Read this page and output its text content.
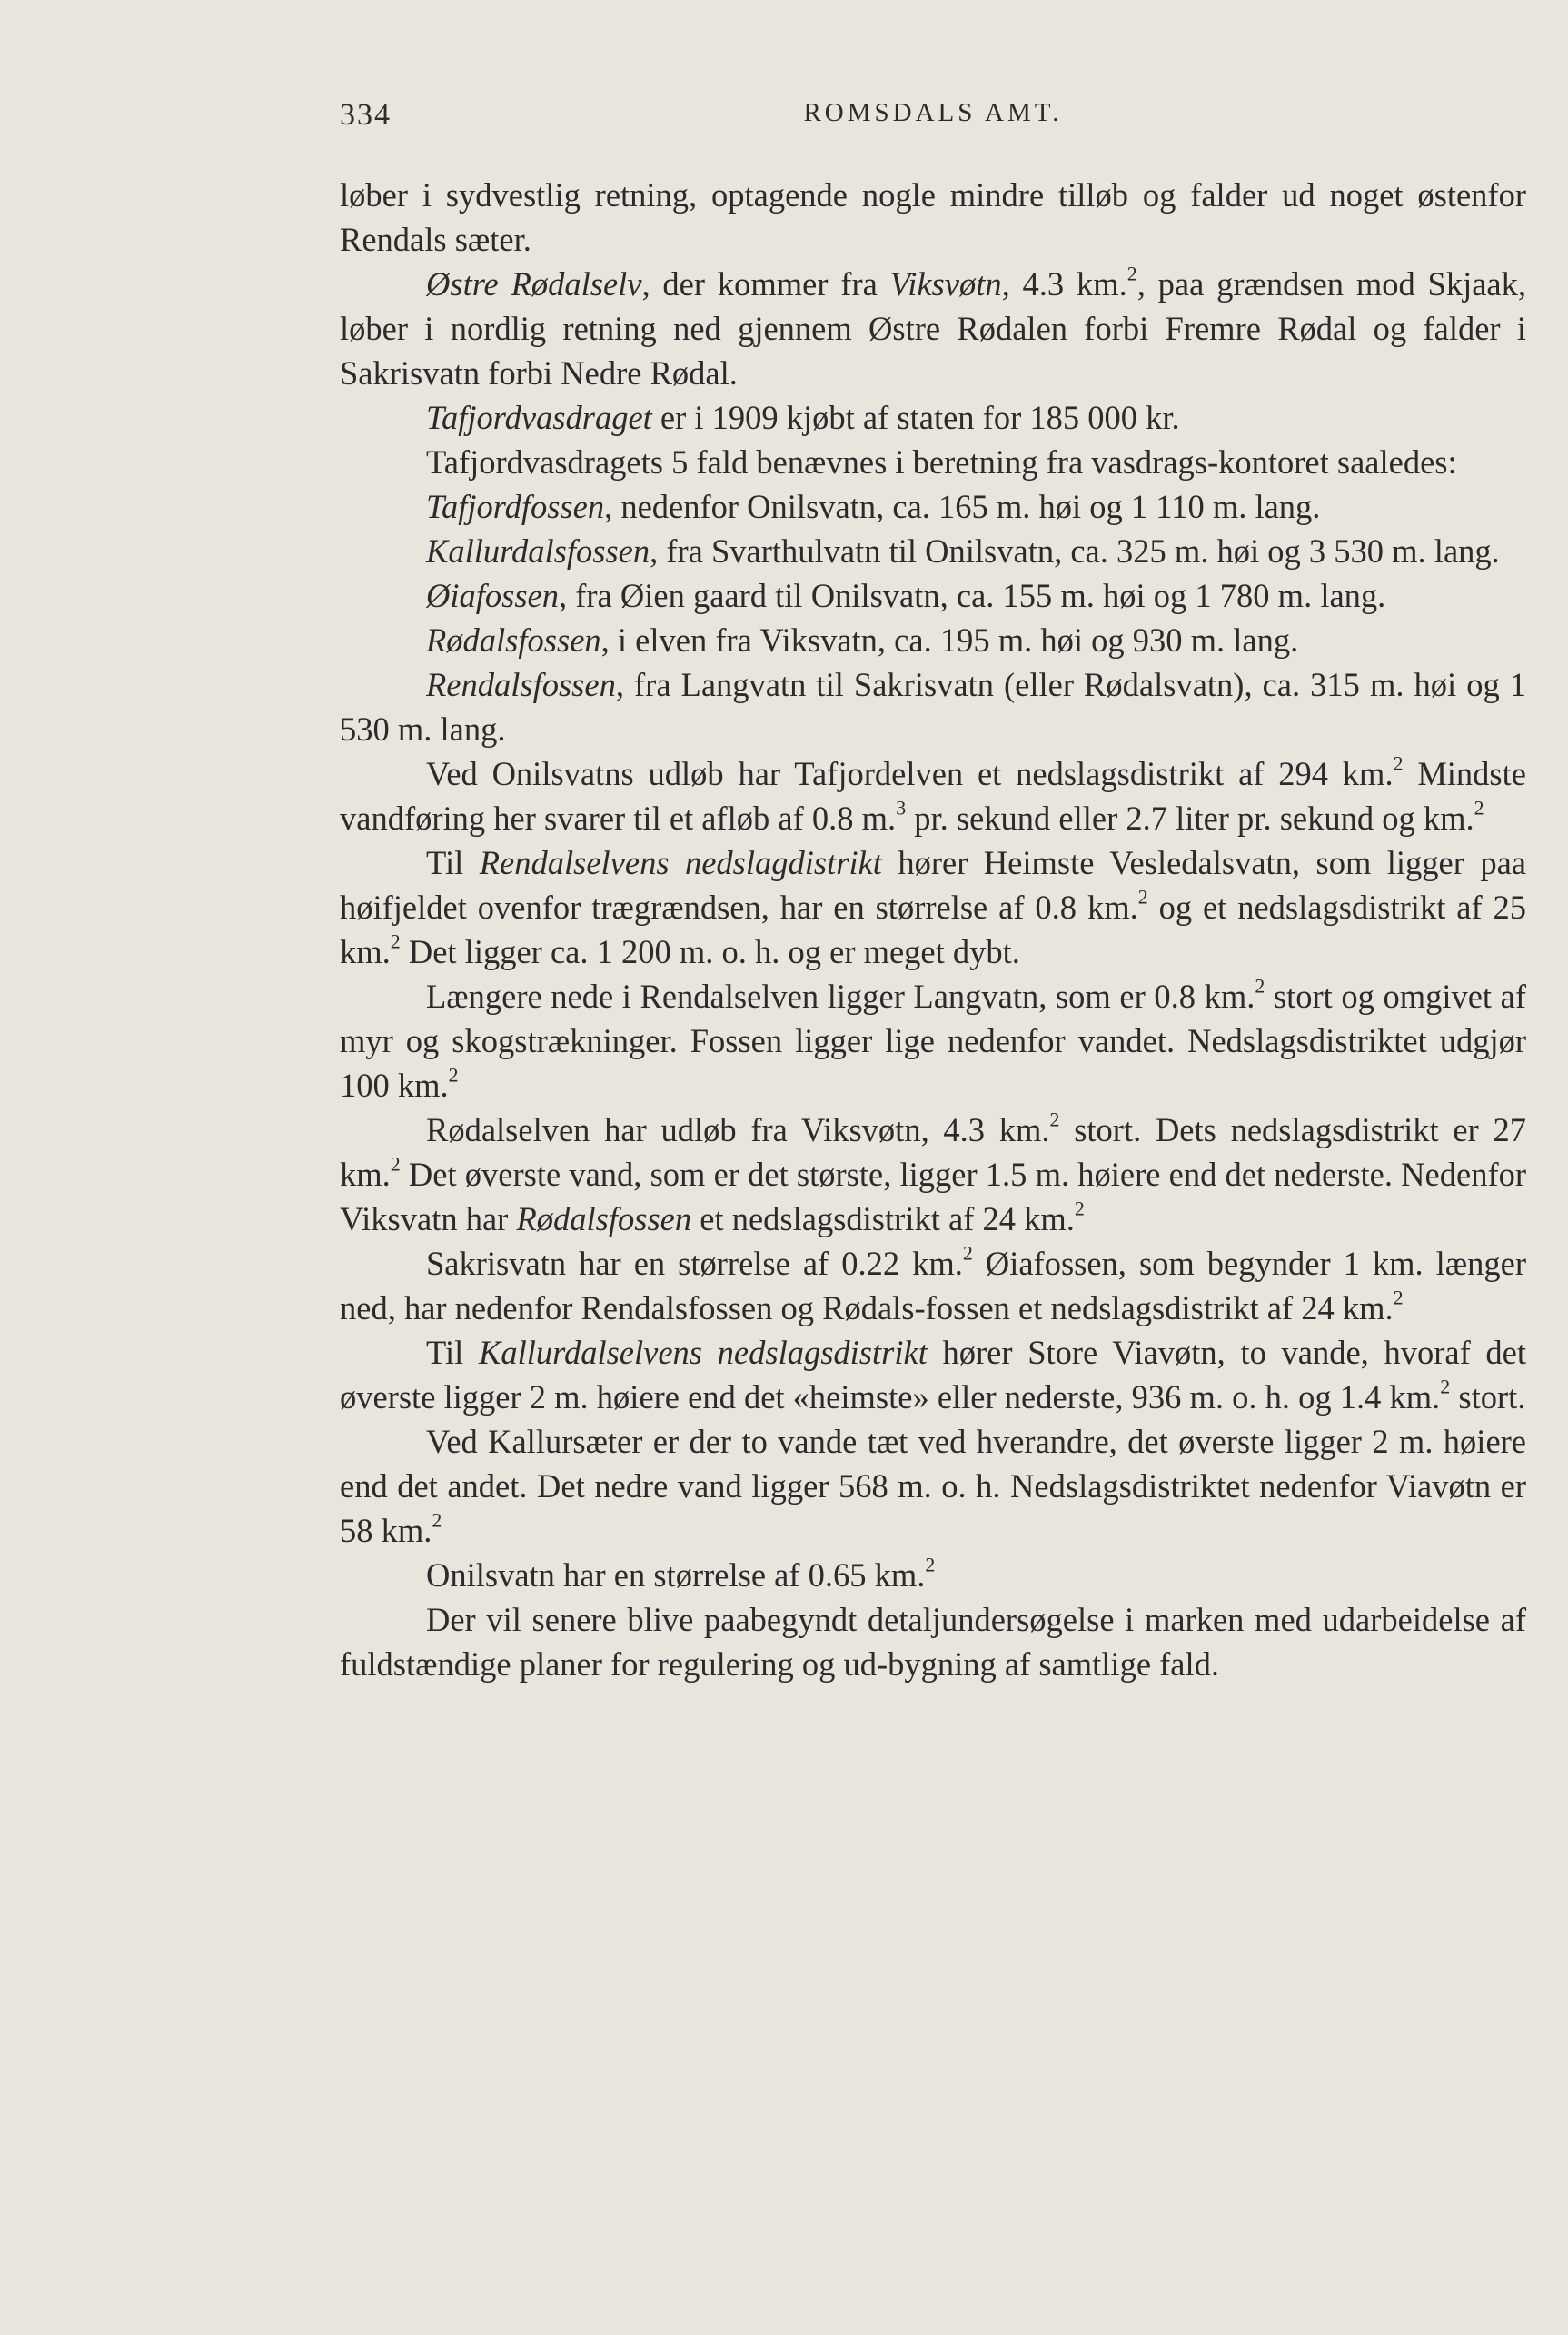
334	ROMSDALS AMT.

løber i sydvestlig retning, optagende nogle mindre tilløb og falder ud noget østenfor Rendals sæter.

Østre Rødalselv, der kommer fra Viksvøtn, 4.3 km.$^2$, paa grændsen mod Skjaak, løber i nordlig retning ned gjennem Østre Rødalen forbi Fremre Rødal og falder i Sakrisvatn forbi Nedre Rødal.

Tafjordvasdraget er i 1909 kjøbt af staten for 185 000 kr.

Tafjordvasdragets 5 fald benævnes i beretning fra vasdrags-kontoret saaledes:

Tafjordfossen, nedenfor Onilsvatn, ca. 165 m. høi og 1 110 m. lang.

Kallurdalsfossen, fra Svarthulvatn til Onilsvatn, ca. 325 m. høi og 3 530 m. lang.

Øiafossen, fra Øien gaard til Onilsvatn, ca. 155 m. høi og 1 780 m. lang.

Rødalsfossen, i elven fra Viksvatn, ca. 195 m. høi og 930 m. lang.

Rendalsfossen, fra Langvatn til Sakrisvatn (eller Rødalsvatn), ca. 315 m. høi og 1 530 m. lang.

Ved Onilsvatns udløb har Tafjordelven et nedslagsdistrikt af 294 km.$^2$ Mindste vandføring her svarer til et afløb af 0.8 m.$^3$ pr. sekund eller 2.7 liter pr. sekund og km.$^2$

Til Rendalselvens nedslagdistrikt hører Heimste Vesledalsvatn, som ligger paa høifjeldet ovenfor trægrændsen, har en størrelse af 0.8 km.$^2$ og et nedslagsdistrikt af 25 km.$^2$ Det ligger ca. 1 200 m. o. h. og er meget dybt.

Længere nede i Rendalselven ligger Langvatn, som er 0.8 km.$^2$ stort og omgivet af myr og skogstrækninger. Fossen ligger lige nedenfor vandet. Nedslagsdistriktet udgjør 100 km.$^2$

Rødalselven har udløb fra Viksvøtn, 4.3 km.$^2$ stort. Dets nedslagsdistrikt er 27 km.$^2$ Det øverste vand, som er det største, ligger 1.5 m. høiere end det nederste. Nedenfor Viksvatn har Rødalsfossen et nedslagsdistrikt af 24 km.$^2$

Sakrisvatn har en størrelse af 0.22 km.$^2$ Øiafossen, som begynder 1 km. længer ned, har nedenfor Rendalsfossen og Rødals-fossen et nedslagsdistrikt af 24 km.$^2$

Til Kallurdalselvens nedslagsdistrikt hører Store Viavøtn, to vande, hvoraf det øverste ligger 2 m. høiere end det «heimste» eller nederste, 936 m. o. h. og 1.4 km.$^2$ stort.

Ved Kallursæter er der to vande tæt ved hverandre, det øverste ligger 2 m. høiere end det andet. Det nedre vand ligger 568 m. o. h. Nedslagsdistriktet nedenfor Viavøtn er 58 km.$^2$

Onilsvatn har en størrelse af 0.65 km.$^2$

Der vil senere blive paabegyndt detaljundersøgelse i marken med udarbeidelse af fuldstændige planer for regulering og ud-bygning af samtlige fald.
